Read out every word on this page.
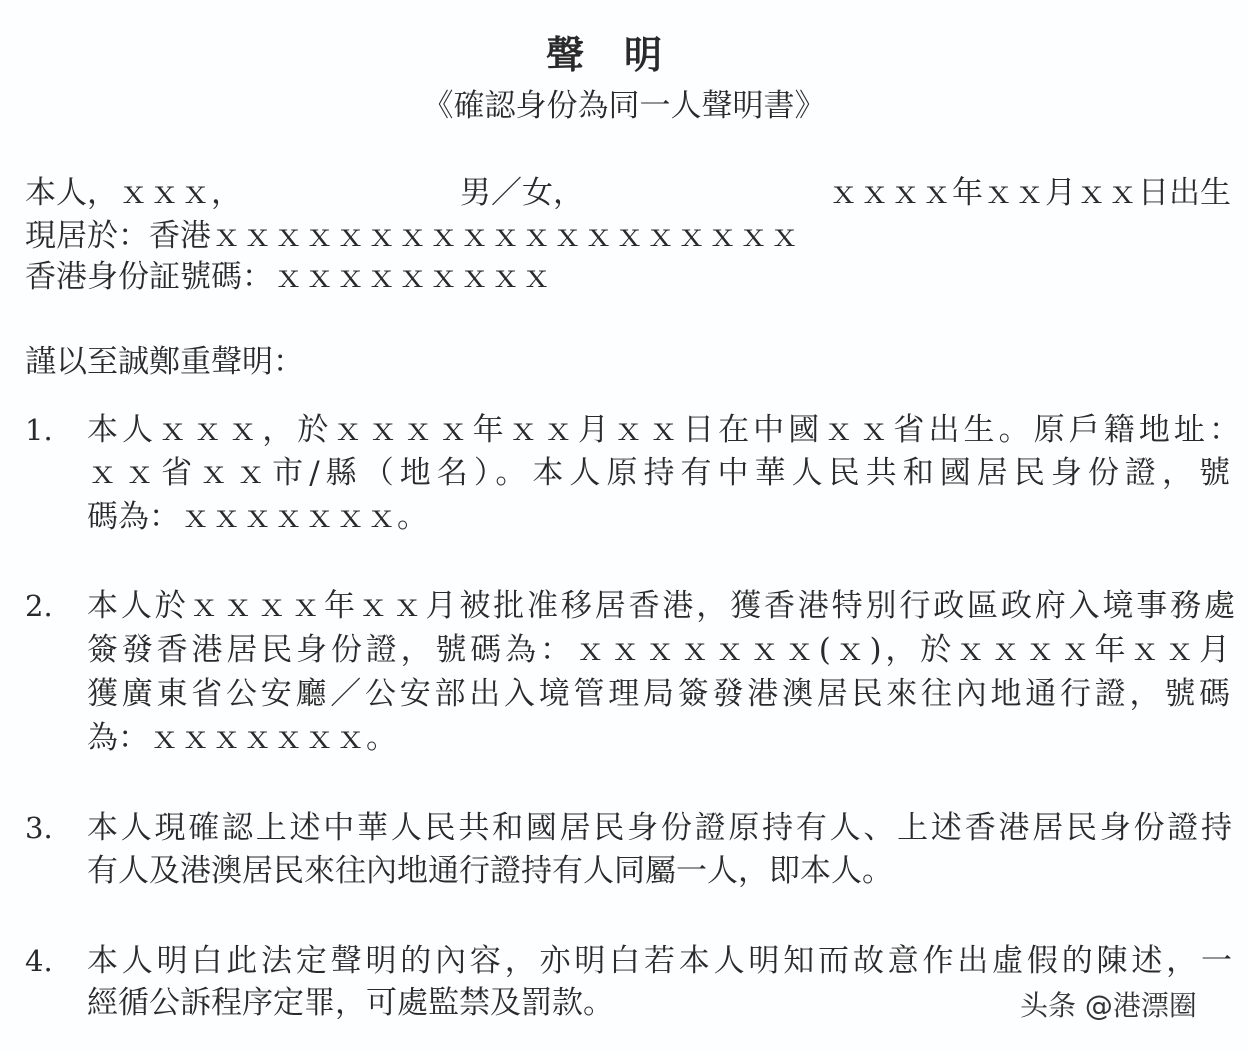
聲明
《確認身份為同一人聲明書》
本人，ｘｘｘ，	男／女，	ｘｘｘｘ年ｘｘ月ｘｘ日出生
現居於：香港ｘｘｘｘｘｘｘｘｘｘｘｘｘｘｘｘｘｘｘ
香港身份証號碼：ｘｘｘｘｘｘｘｘｘ
謹以至誠鄭重聲明：
1. 本人ｘｘｘ，於ｘｘｘｘ年ｘｘ月ｘｘ日在中國ｘｘ省出生。原戶籍地址：
ｘｘ省ｘｘ市/縣（地名）。本人原持有中華人民共和國居民身份證，號
碼為：ｘｘｘｘｘｘｘ。
2. 本人於ｘｘｘｘ年ｘｘ月被批准移居香港，獲香港特別行政區政府入境事務處
簽發香港居民身份證，號碼為：ｘｘｘｘｘｘｘ(ｘ)，於ｘｘｘｘ年ｘｘ月
獲廣東省公安廳／公安部出入境管理局簽發港澳居民來往內地通行證，號碼
為：ｘｘｘｘｘｘｘ。
3. 本人現確認上述中華人民共和國居民身份證原持有人、上述香港居民身份證持
有人及港澳居民來往內地通行證持有人同屬一人，即本人。
4. 本人明白此法定聲明的內容，亦明白若本人明知而故意作出虛假的陳述，一
經循公訴程序定罪，可處監禁及罰款。	头条 @港漂圈
